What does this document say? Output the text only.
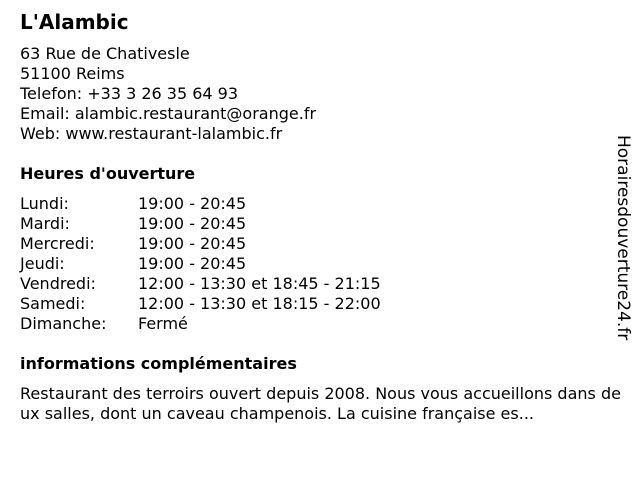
L'Alambic
63 Rue de Chativesle
51100 Reims
Telefon: +33 3 26 35 64 93
Email: alambic.restaurant@orange.fr
Web: www.restaurant-lalambic.fr
Heures d'ouverture
Lundi:	19:00 - 20:45
Mardi:	19:00 - 20:45
Mercredi:	19:00 - 20:45
Jeudi:	19:00 - 20:45
Vendredi:	12:00 - 13:30 et 18:45 - 21:15
Samedi:	12:00 - 13:30 et 18:15 - 22:00
Dimanche:	Fermé
informations complémentaires
Restaurant des terroirs ouvert depuis 2008. Nous vous accueillons dans deux salles, dont un caveau champenois. La cuisine française es...
Horairesdouverture24.fr
